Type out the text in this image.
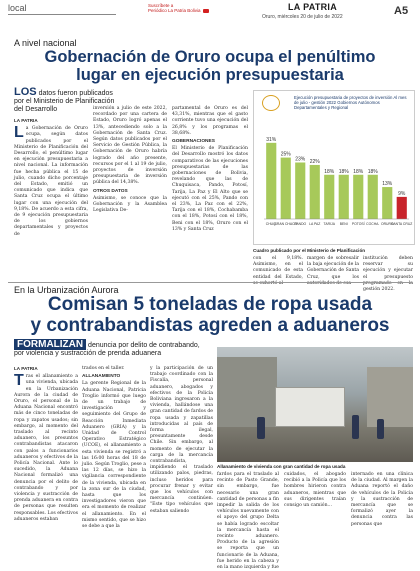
local	Suscríbete a
Periódico La Patria Bolivia	LA PATRIA
Oruro, miércoles 20 de julio de 2022	A5
A nivel nacional
Gobernación de Oruro ocupa el penúltimo
lugar en ejecución presupuestaria
LOS datos fueron publicados
por el Ministerio de Planificación
del Desarrollo
LA PATRIA
L a Gobernación de Oruro ocupa, según datos publicados por el Ministerio de Planificación del Desarrollo, el penúltimo lugar en ejecución presupuestaria a nivel nacional. La información fue hecha pública el 15 de julio, cuando dicho porcentaje del Estado, emitió un comunicado que indica que Santa Cruz ocupa el último lugar con una ejecución del 9,18%. De acuerdo a esta cifra, de 9 ejecución presupuestaria de los gobiernos departamentales y proyectos de
inversión a julio de este 2022, recordado por una cartera de Estado, Oruro logró apenas el 13%, antecediendo solo a la Gobernación de Santa Cruz. Según datos publicados por el Servicio de Gestión Pública, la Gobernación de Oruro habría logrado del año presente, recursos por el 1 al 19 de julio, proyectos de inversión presupuestaria de inversión pública del 14,38%.
OTROS DATOS
Asimismo, se conoce que la Gobernación y la Asamblea Legislativa De-
partamental de Oruro es del 43,31%, mientras que el gasto corriente tuvo una ejecución del 26,8% y los programas el 38,68%.
GOBERNACIONES
El Ministerio de Planificación del Desarrollo mostró los datos comparativos de las ejecuciones presupuestarias de las gobernaciones de Bolivia, revelando que las de Chuquisaca, Pando, Potosí, Tarija, La Paz y El Alto que se ejecutó con el 25%, Pando con el 23%, La Paz con el 22%, Tarija con el 18%, Cochabamba con el 18%, Potosí con el 18%, Beni con el 18%, Oruro con el 13% y Santa Cruz
Ejecución presupuestaria de proyectos de inversión Al mes de julio - gestión 2022 Gobiernos Autónomos Departamentales y Regional
31%
CHUQ.
25%
GRAN CHACO
23%
PANDO
22%
LA PAZ
18%
TARIJA
18%
BENI
18%
POTOSÍ
18%
COCHA.
13%
ORURO
9%
SANTA CRUZ
Cuadro publicado por el Ministerio de Planificación
con el 9,18%. Asimismo, en el comunicado de esta entidad del Estado, se exhortó al
margen de sobresalir la baja ejecución de la Gobernación de Santa Cruz, que los autoridades de esa
institución deben reservar su ejecución y ejecutar el presupuesto programado en la gestión 2022.
En la Urbanización Aurora
Comisan 5 toneladas de ropa usada
y contrabandistas agreden a aduaneros
FORMALIZAN denuncia por delito de contrabando,
por violencia y sustracción de prenda aduanera
LA PATRIA
T ras el allanamiento a una vivienda, ubicada en la Urbanización Aurora de la ciudad de Oruro, el personal de la Aduana Nacional encontró más de cinco toneladas de ropa y zapatos usados; sin embargo, al momento del traslado al recinto aduanero, los presuntos contrabandistas atacaron con palos a funcionarios aduaneros y efectivos de la Policía Nacional. Ante lo sucedido, la Aduana Nacional formalizó una denuncia por el delito de contrabando y por violencia y sustracción de prenda aduanera en contra de personas que resulten responsables. Los efectivos aduaneros estaban
trados en el taller.
ALLANAMIENTO
La gerente Regional de la Aduana Nacional, Patricia Troglio informó que luego de un trabajo de investigación y seguimiento del Grupo de Reacción Inmediata Aduanero (GRIA) y la Unidad de Control Operativo Estratégico (UCOE), el allanamiento a esta vivienda se registró a las 16:00 horas del 18 de julio. Según Troglio, pese a las 12 días, se hizo la vigilancia correspondiente de la vivienda, ubicada en la zona sur de la ciudad, hasta que los investigadores vieron que era el momento de realizar el allanamiento. En el mismo sentido, que se hizo se debe a que la
y la participación de un trabajo coordinado con la Fiscalía, personal aduanero, abogados y efectivos de la Policía Boliviana ingresaron a la vivienda, hallándose una gran cantidad de fardos de ropa usada y zapatillas introducidas al país de forma ilegal, presuntamente desde Chile. Sin embargo, al momento de ejecutar la carga de la mercancía contrabandista, impidiendo el traslado utilizando palos, piedras, incluso heridos para procurar frenar y evitar que los vehículos con mercancía continúen. "Este tipo vehículos que estaban saliendo
Allanamiento de vivienda con gran cantidad de ropa usada
fardos para el traslado al recinto de Pasto Grande, sin embargo, fue necesario una gran cantidad de personas a fin impedir la salida de los vehículos nuevamente con el apoyo del grupo Delta se había logrado escoltar la mercancía hasta el recinto aduanero. Producto de la agresión se reporta que un funcionario de la Aduana, fue herido en la cabeza y en la mano izquierda y fue
cuidados, el abogado recibió a la Policía que los hombres hirieron contra aduaneros, mientras que sus dirigentes traían consigo un camión...
internado en una clínica de la ciudad. Al margen la Aduana reportó el daño de vehículos de la Policía y la sustracción de mercancía que se formalizó ayer la denuncia contra las personas que
